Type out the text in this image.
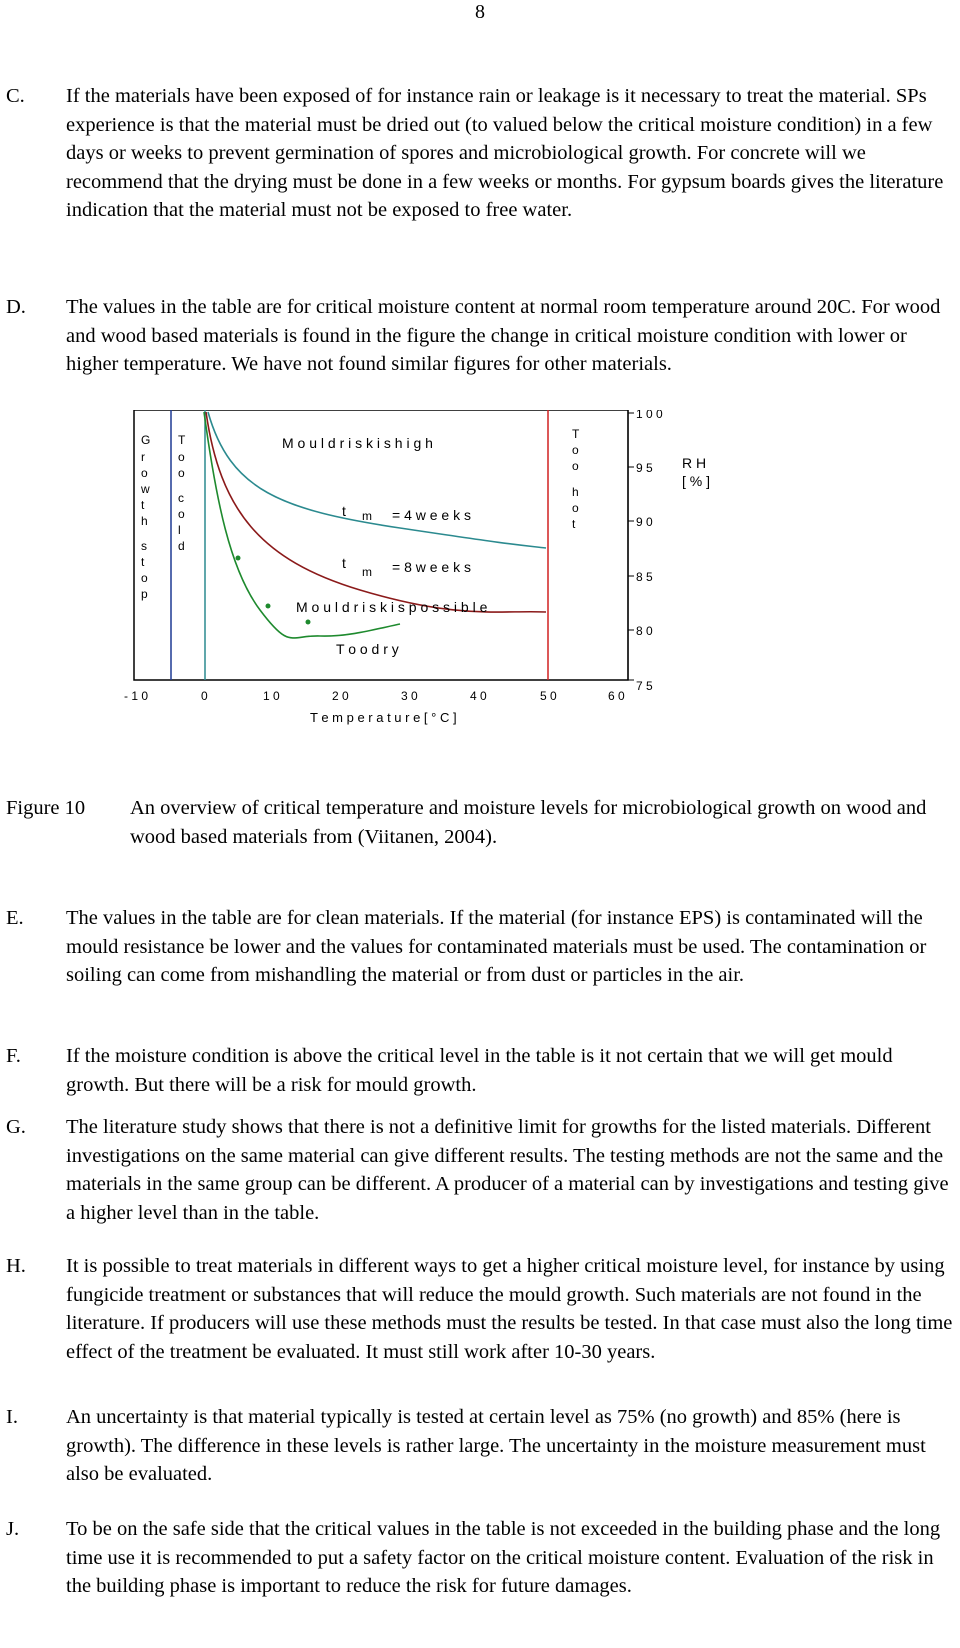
8
C. If the materials have been exposed of for instance rain or leakage is it necessary to treat the material. SPs experience is that the material must be dried out (to valued below the critical moisture condition) in a few days or weeks to prevent germination of spores and microbiological growth. For concrete will we recommend that the drying must be done in a few weeks or months. For gypsum boards gives the literature indication that the material must not be exposed to free water.
D. The values in the table are for critical moisture content at normal room temperature around 20C. For wood and wood based materials is found in the figure the change in critical moisture condition with lower or higher temperature. We have not found similar figures for other materials.
1 0 0
9 5
9 0
8 5
8 0
7 5
R H
[ % ]
G
r
o
w
t
h
s
t
o
p
T
o
o
c
o
l
d
T
o
o
h
o
t
M o u l d r i s k i s h i g h
t m = 4 w e e k s
t
m = 8 w e e k s
M o u l d r i s k i s p o s s i b l e
T o o d r y
- 1 0	0	1 0	2 0	3 0	4 0	5 0	6 0
T e m p e r a t u r e [ ° C ]
Figure 10 An overview of critical temperature and moisture levels for microbiological growth on wood and wood based materials from (Viitanen, 2004).
E. The values in the table are for clean materials. If the material (for instance EPS) is contaminated will the mould resistance be lower and the values for contaminated materials must be used. The contamination or soiling can come from mishandling the material or from dust or particles in the air.
F. If the moisture condition is above the critical level in the table is it not certain that we will get mould growth. But there will be a risk for mould growth.
G. The literature study shows that there is not a definitive limit for growths for the listed materials. Different investigations on the same material can give different results. The testing methods are not the same and the materials in the same group can be different. A producer of a material can by investigations and testing give a higher level than in the table.
H. It is possible to treat materials in different ways to get a higher critical moisture level, for instance by using fungicide treatment or substances that will reduce the mould growth. Such materials are not found in the literature. If producers will use these methods must the results be tested. In that case must also the long time effect of the treatment be evaluated. It must still work after 10-30 years.
I. An uncertainty is that material typically is tested at certain level as 75% (no growth) and 85% (here is growth). The difference in these levels is rather large. The uncertainty in the moisture measurement must also be evaluated.
J. To be on the safe side that the critical values in the table is not exceeded in the building phase and the long time use it is recommended to put a safety factor on the critical moisture content. Evaluation of the risk in the building phase is important to reduce the risk for future damages.
